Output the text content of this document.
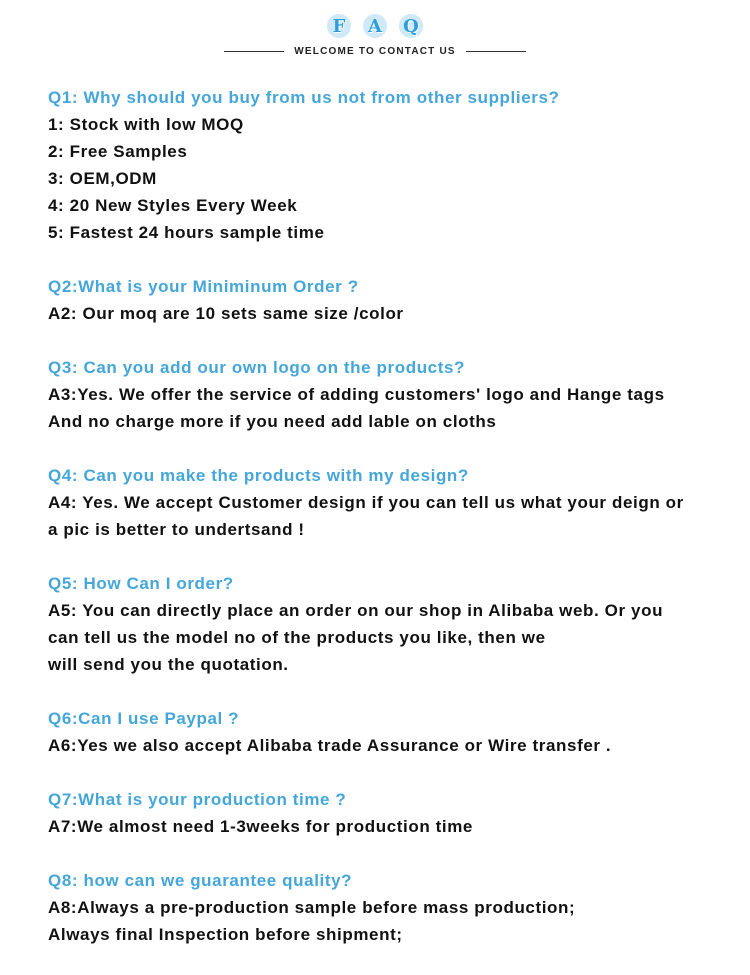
F	A Q
WELCOME TO CONTACT US
Q1: Why should you buy from us not from other suppliers?
1: Stock with low MOQ
2: Free Samples
3: OEM,ODM
4: 20 New Styles Every Week
5: Fastest 24 hours sample time
Q2:What is your Miniminum Order ?
A2: Our moq are 10 sets same size /color
Q3: Can you add our own logo on the products?
A3:Yes. We offer the service of adding customers' logo and Hange tags
And no charge more if you need add lable on cloths
Q4: Can you make the products with my design?
A4: Yes. We accept Customer design if you can tell us what your deign or
a pic is better to undertsand !
Q5: How Can I order?
A5: You can directly place an order on our shop in Alibaba web. Or you
can tell us the model no of the products you like, then we
will send you the quotation.
Q6:Can I use Paypal ?
A6:Yes we also accept Alibaba trade Assurance or Wire transfer .
Q7:What is your production time ?
A7:We almost need 1-3weeks for production time
Q8: how can we guarantee quality?
A8:Always a pre-production sample before mass production;
Always final Inspection before shipment;
